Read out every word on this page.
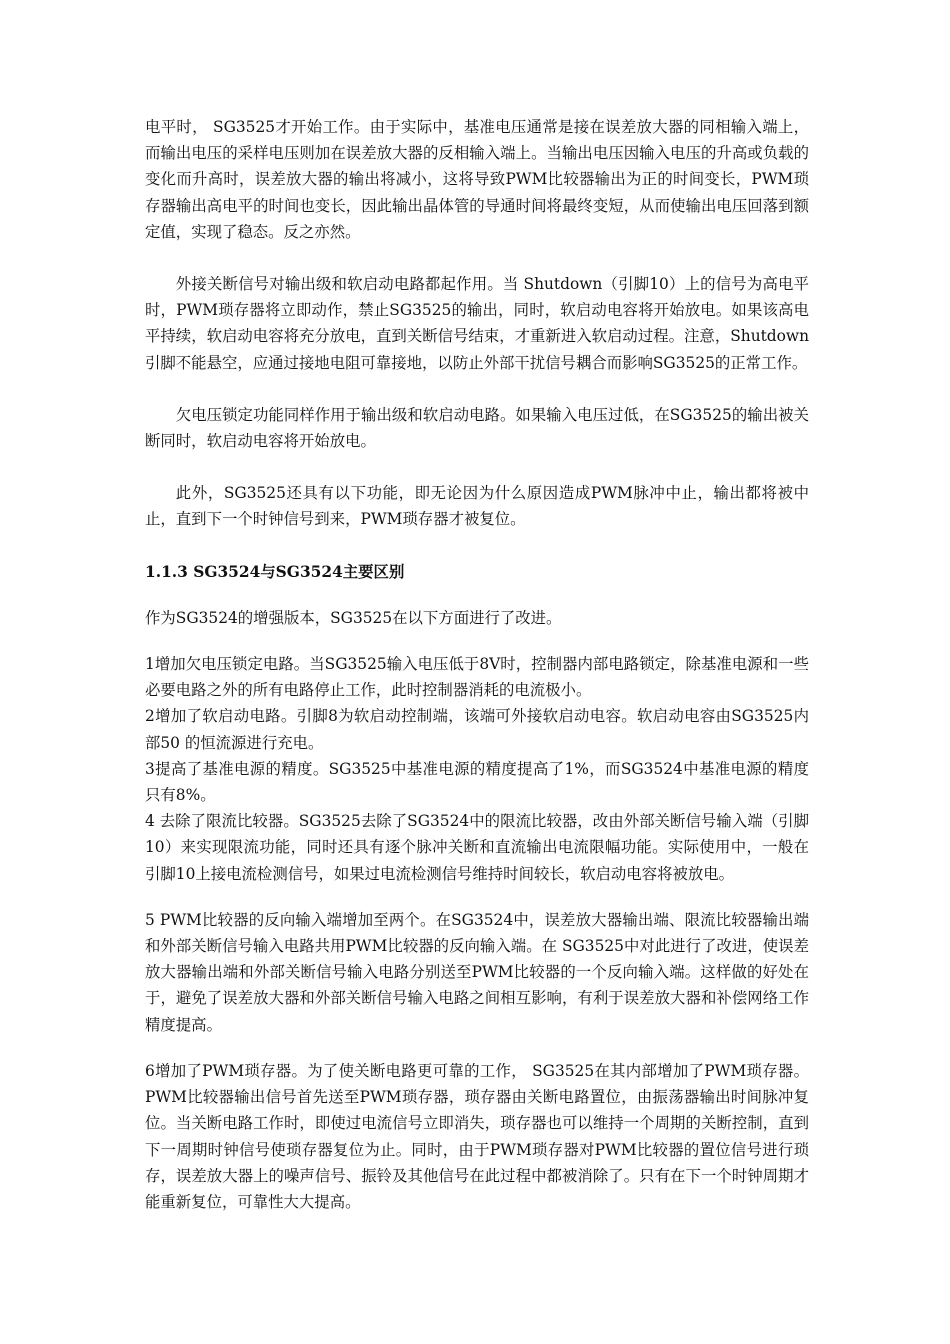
电平时， SG3525才开始工作。由于实际中，基准电压通常是接在误差放大器的同相输入端上，而输出电压的采样电压则加在误差放大器的反相输入端上。当输出电压因输入电压的升高或负载的变化而升高时，误差放大器的输出将减小，这将导致PWM比较器输出为正的时间变长，PWM琐存器输出高电平的时间也变长，因此输出晶体管的导通时间将最终变短，从而使输出电压回落到额定值，实现了稳态。反之亦然。

外接关断信号对输出级和软启动电路都起作用。当 Shutdown（引脚10）上的信号为高电平时，PWM琐存器将立即动作，禁止SG3525的输出，同时，软启动电容将开始放电。如果该高电平持续，软启动电容将充分放电，直到关断信号结束，才重新进入软启动过程。注意，Shutdown引脚不能悬空，应通过接地电阻可靠接地，以防止外部干扰信号耦合而影响SG3525的正常工作。

欠电压锁定功能同样作用于输出级和软启动电路。如果输入电压过低，在SG3525的输出被关断同时，软启动电容将开始放电。

此外，SG3525还具有以下功能，即无论因为什么原因造成PWM脉冲中止，输出都将被中止，直到下一个时钟信号到来，PWM琐存器才被复位。

1.1.3 SG3524与SG3524主要区别

作为SG3524的增强版本，SG3525在以下方面进行了改进。

1增加欠电压锁定电路。当SG3525输入电压低于8V时，控制器内部电路锁定，除基准电源和一些必要电路之外的所有电路停止工作，此时控制器消耗的电流极小。

2增加了软启动电路。引脚8为软启动控制端，该端可外接软启动电容。软启动电容由SG3525内部50 的恒流源进行充电。

3提高了基准电源的精度。SG3525中基准电源的精度提高了1%，而SG3524中基准电源的精度只有8%。

4 去除了限流比较器。SG3525去除了SG3524中的限流比较器，改由外部关断信号输入端（引脚10）来实现限流功能，同时还具有逐个脉冲关断和直流输出电流限幅功能。实际使用中，一般在引脚10上接电流检测信号，如果过电流检测信号维持时间较长，软启动电容将被放电。

5 PWM比较器的反向输入端增加至两个。在SG3524中，误差放大器输出端、限流比较器输出端和外部关断信号输入电路共用PWM比较器的反向输入端。在 SG3525中对此进行了改进，使误差放大器输出端和外部关断信号输入电路分别送至PWM比较器的一个反向输入端。这样做的好处在于，避免了误差放大器和外部关断信号输入电路之间相互影响，有利于误差放大器和补偿网络工作精度提高。

6增加了PWM琐存器。为了使关断电路更可靠的工作， SG3525在其内部增加了PWM琐存器。PWM比较器输出信号首先送至PWM琐存器，琐存器由关断电路置位，由振荡器输出时间脉冲复位。当关断电路工作时，即使过电流信号立即消失，琐存器也可以维持一个周期的关断控制，直到下一周期时钟信号使琐存器复位为止。同时，由于PWM琐存器对PWM比较器的置位信号进行琐存，误差放大器上的噪声信号、振铃及其他信号在此过程中都被消除了。只有在下一个时钟周期才能重新复位，可靠性大大提高。
